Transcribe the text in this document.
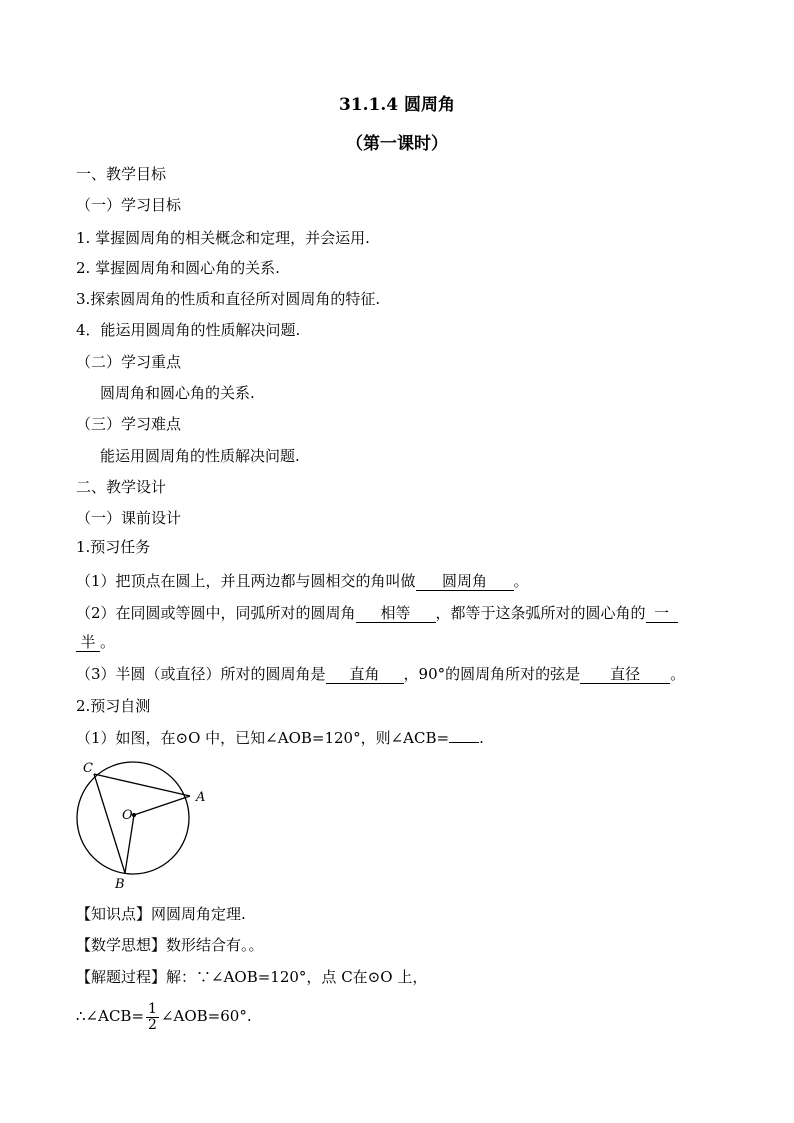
31.1.4 圆周角
（第一课时）
一、教学目标
（一）学习目标
1. 掌握圆周角的相关概念和定理，并会运用.
2. 掌握圆周角和圆心角的关系.
3.探索圆周角的性质和直径所对圆周角的特征.
4．能运用圆周角的性质解决问题.
（二）学习重点
圆周角和圆心角的关系.
（三）学习难点
能运用圆周角的性质解决问题.
二、教学设计
（一）课前设计
1.预习任务
（1）把顶点在圆上，并且两边都与圆相交的角叫做 圆周角 。
（2）在同圆或等圆中，同弧所对的圆周角 相等 ，都等于这条弧所对的圆心角的 一
半 。
（3）半圆（或直径）所对的圆周角是 直角 ，90°的圆周角所对的弦是 直径 。
2.预习自测
（1）如图，在⊙O 中，已知∠AOB=120°，则∠ACB= .
C
A
O
B
【知识点】网圆周角定理.
【数学思想】数形结合有。。
【解题过程】解：∵∠AOB=120°，点 C在⊙O 上，
∴∠ACB= $\frac{1}{2}$ ∠AOB=60°.
